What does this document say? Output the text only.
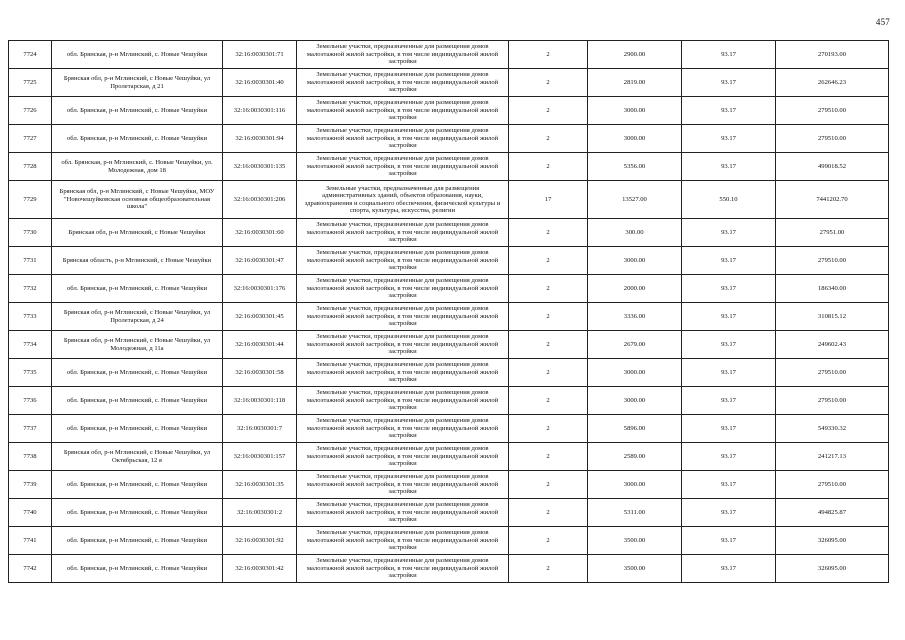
457
7724	обл. Брянская, р-н Мглинский, с. Новые Чешуйки	32:16:0030301:71	Земельные участки, предназначенные для размещения домов малоэтажной жилой застройки, в том числе индивидуальной жилой застройки	2	2900.00	93.17	270193.00
7725	Брянская обл, р-н Мглинский, с Новые Чешуйки, ул Пролетарская, д 21	32:16:0030301:40	Земельные участки, предназначенные для размещения домов малоэтажной жилой застройки, в том числе индивидуальной жилой застройки	2	2819.00	93.17	262646.23
7726	обл. Брянская, р-н Мглинский, с. Новые Чешуйки	32:16:0030301:116	Земельные участки, предназначенные для размещения домов малоэтажной жилой застройки, в том числе индивидуальной жилой застройки	2	3000.00	93.17	279510.00
7727	обл. Брянская, р-н Мглинский, с. Новые Чешуйки	32:16:0030301:94	Земельные участки, предназначенные для размещения домов малоэтажной жилой застройки, в том числе индивидуальной жилой застройки	2	3000.00	93.17	279510.00
7728	обл. Брянская, р-н Мглинский, с. Новые Чешуйки, ул. Молодежная, дом 18	32:16:0030301:135	Земельные участки, предназначенные для размещения домов малоэтажной жилой застройки, в том числе индивидуальной жилой застройки	2	5356.00	93.17	499018.52
7729	Брянская обл, р-н Мглинский, с Новые Чешуйки, МОУ "Новочешуйковская основная общеобразовательная школа"	32:16:0030301:206	Земельные участки, предназначенные для размещения административных зданий, объектов образования, науки, здравоохранения и социального обеспечения, физической культуры и спорта, культуры, искусства, религии	17	13527.00	550.10	7441202.70
7730	Брянская обл, р-н Мглинский, с Новые Чешуйки	32:16:0030301:60	Земельные участки, предназначенные для размещения домов малоэтажной жилой застройки, в том числе индивидуальной жилой застройки	2	300.00	93.17	27951.00
7731	Брянская область, р-н Мглинский, с Новые Чешуйки	32:16:0030301:47	Земельные участки, предназначенные для размещения домов малоэтажной жилой застройки, в том числе индивидуальной жилой застройки	2	3000.00	93.17	279510.00
7732	обл. Брянская, р-н Мглинский, с. Новые Чешуйки	32:16:0030301:176	Земельные участки, предназначенные для размещения домов малоэтажной жилой застройки, в том числе индивидуальной жилой застройки	2	2000.00	93.17	186340.00
7733	Брянская обл, р-н Мглинский, с Новые Чешуйки, ул Пролетарская, д 24	32:16:0030301:45	Земельные участки, предназначенные для размещения домов малоэтажной жилой застройки, в том числе индивидуальной жилой застройки	2	3336.00	93.17	310815.12
7734	Брянская обл, р-н Мглинский, с Новые Чешуйки, ул Молодежная, д 11а	32:16:0030301:44	Земельные участки, предназначенные для размещения домов малоэтажной жилой застройки, в том числе индивидуальной жилой застройки	2	2679.00	93.17	249602.43
7735	обл. Брянская, р-н Мглинский, с. Новые Чешуйки	32:16:0030301:58	Земельные участки, предназначенные для размещения домов малоэтажной жилой застройки, в том числе индивидуальной жилой застройки	2	3000.00	93.17	279510.00
7736	обл. Брянская, р-н Мглинский, с. Новые Чешуйки	32:16:0030301:118	Земельные участки, предназначенные для размещения домов малоэтажной жилой застройки, в том числе индивидуальной жилой застройки	2	3000.00	93.17	279510.00
7737	обл. Брянская, р-н Мглинский, с. Новые Чешуйки	32:16:0030301:7	Земельные участки, предназначенные для размещения домов малоэтажной жилой застройки, в том числе индивидуальной жилой застройки	2	5896.00	93.17	549330.32
7738	Брянская обл, р-н Мглинский, с Новые Чешуйки, ул Октябрьская, 12 я	32:16:0030301:157	Земельные участки, предназначенные для размещения домов малоэтажной жилой застройки, в том числе индивидуальной жилой застройки	2	2589.00	93.17	241217.13
7739	обл. Брянская, р-н Мглинский, с. Новые Чешуйки	32:16:0030301:35	Земельные участки, предназначенные для размещения домов малоэтажной жилой застройки, в том числе индивидуальной жилой застройки	2	3000.00	93.17	279510.00
7740	обл. Брянская, р-н Мглинский, с. Новые Чешуйки	32:16:0030301:2	Земельные участки, предназначенные для размещения домов малоэтажной жилой застройки, в том числе индивидуальной жилой застройки	2	5311.00	93.17	494825.87
7741	обл. Брянская, р-н Мглинский, с. Новые Чешуйки	32:16:0030301:92	Земельные участки, предназначенные для размещения домов малоэтажной жилой застройки, в том числе индивидуальной жилой застройки	2	3500.00	93.17	326095.00
7742	обл. Брянская, р-н Мглинский, с. Новые Чешуйки	32:16:0030301:42	Земельные участки, предназначенные для размещения домов малоэтажной жилой застройки, в том числе индивидуальной жилой застройки	2	3500.00	93.17	326095.00
